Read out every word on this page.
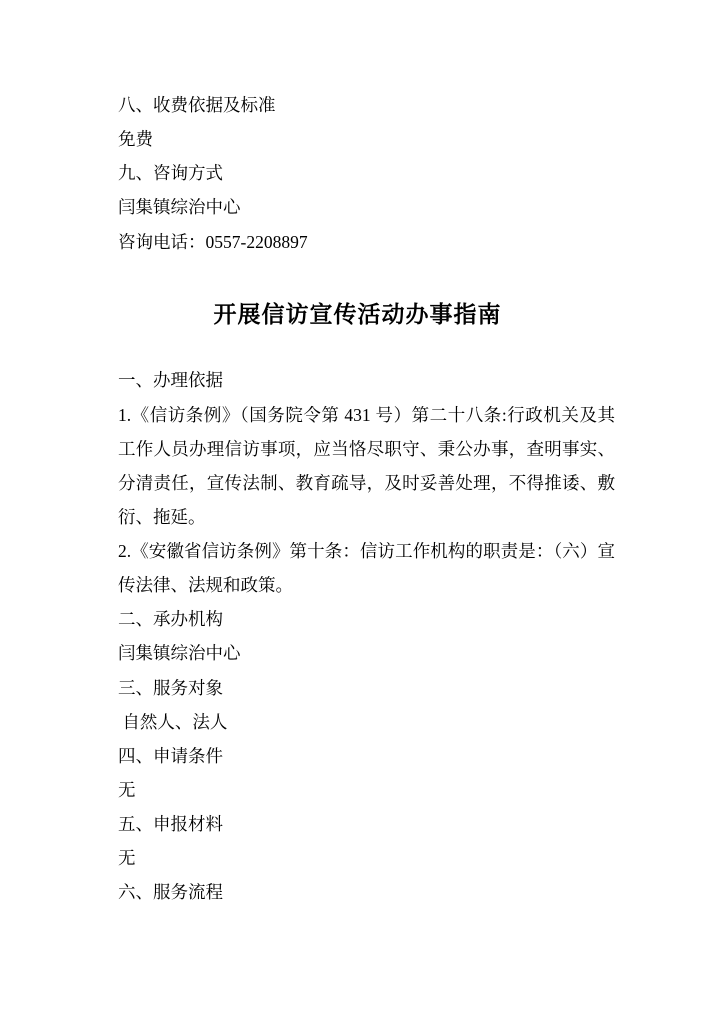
八、收费依据及标准

免费

九、咨询方式

闫集镇综治中心

咨询电话：0557-2208897

开展信访宣传活动办事指南

一、办理依据

1.《信访条例》（国务院令第 431 号）第二十八条:行政机关及其工作人员办理信访事项，应当恪尽职守、秉公办事，查明事实、分清责任，宣传法制、教育疏导，及时妥善处理，不得推诿、敷衍、拖延。

2.《安徽省信访条例》第十条：信访工作机构的职责是：（六）宣传法律、法规和政策。

二、承办机构

闫集镇综治中心

三、服务对象

自然人、法人

四、申请条件

无

五、申报材料

无

六、服务流程
